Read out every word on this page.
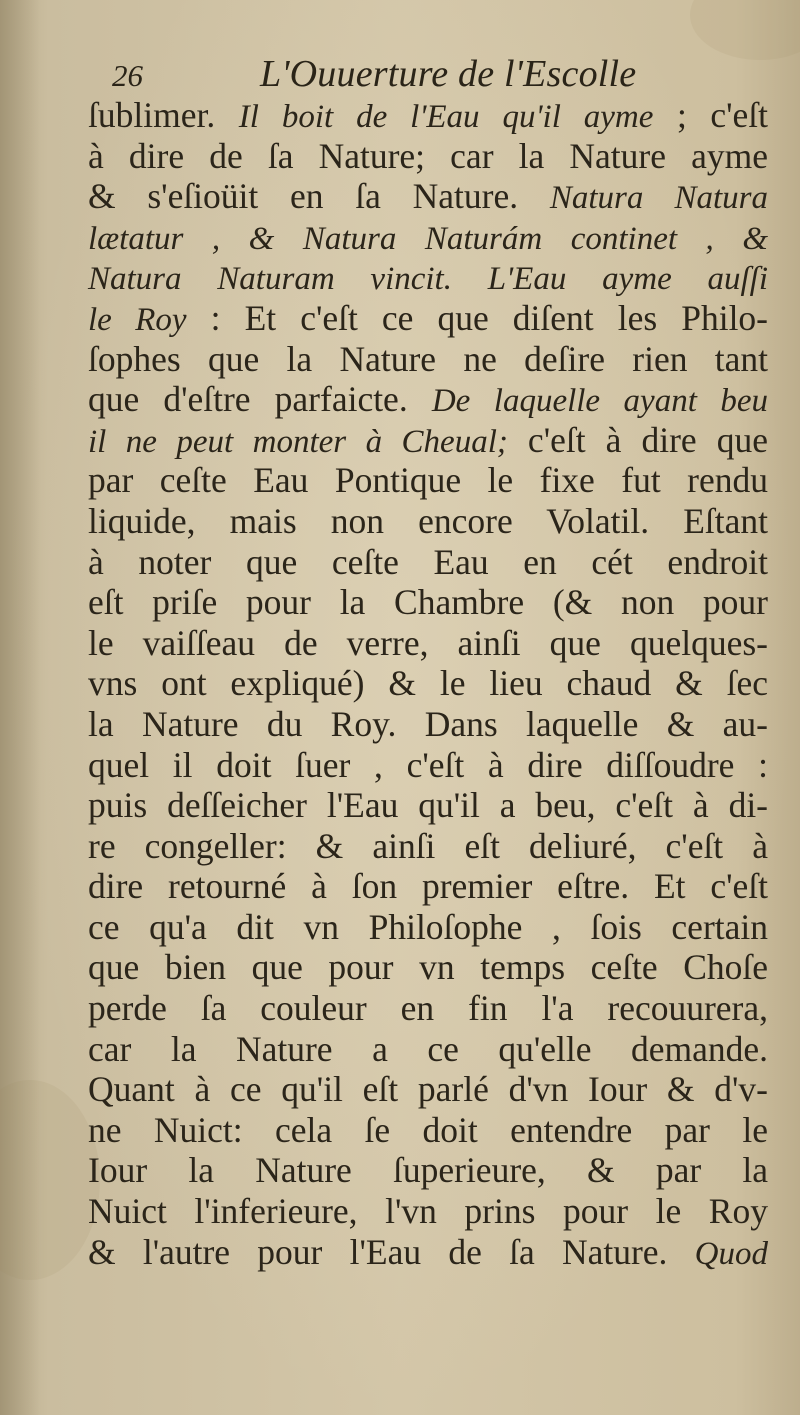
26	L'Ouuerture de l'Escolle
ſublimer. Il boit de l'Eau qu'il ayme ; c'eſt
à dire de ſa Nature; car la Nature ayme
& s'eſioüit en ſa Nature. Natura Natura
lætatur , & Natura Naturám continet , &
Natura Naturam vincit. L'Eau ayme auſſi
le Roy : Et c'eſt ce que diſent les Philo-
ſophes que la Nature ne deſire rien tant
que d'eſtre parfaicte. De laquelle ayant beu
il ne peut monter à Cheual; c'eſt à dire que
par ceſte Eau Pontique le fixe fut rendu
liquide, mais non encore Volatil. Eſtant
à noter que ceſte Eau en cét endroit
eſt priſe pour la Chambre (& non pour
le vaiſſeau de verre, ainſi que quelques-
vns ont expliqué) & le lieu chaud & ſec
la Nature du Roy. Dans laquelle & au-
quel il doit ſuer , c'eſt à dire diſſoudre :
puis deſſeicher l'Eau qu'il a beu, c'eſt à di-
re congeller: & ainſi eſt deliuré, c'eſt à
dire retourné à ſon premier eſtre. Et c'eſt
ce qu'a dit vn Philoſophe , ſois certain
que bien que pour vn temps ceſte Choſe
perde ſa couleur en fin l'a recouurera,
car la Nature a ce qu'elle demande.
Quant à ce qu'il eſt parlé d'vn Iour & d'v-
ne Nuict: cela ſe doit entendre par le
Iour la Nature ſuperieure, & par la
Nuict l'inferieure, l'vn prins pour le Roy
& l'autre pour l'Eau de ſa Nature. Quod
